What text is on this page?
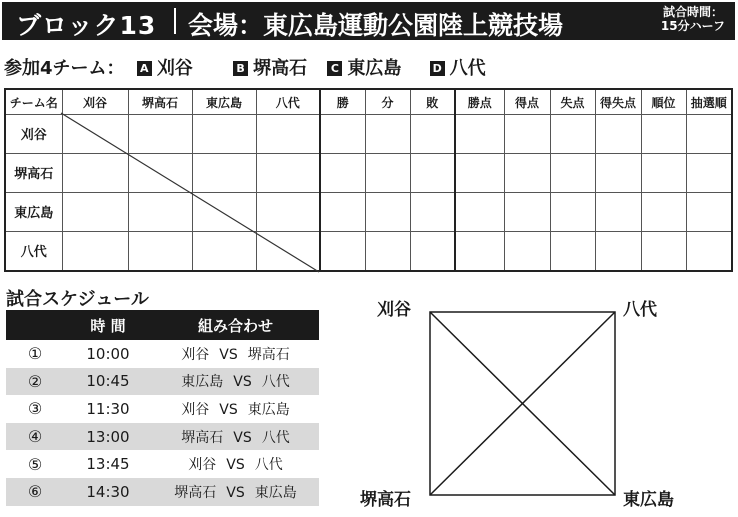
ブロック13 会場：東広島運動公園陸上競技場	試合時間：
15分ハーフ
参加4チーム： A 刈谷	B 堺高石 C 東広島	D 八代
チーム名	刈谷	堺高石	東広島	八代	勝	分	敗	勝点	得点	失点	得失点	順位	抽選順
刈谷													
堺高石													
東広島													
八代													
試合スケジュール
	時 間	組み合わせ
①	10:00	刈谷 VS 堺高石
②	10:45	東広島 VS 八代
③	11:30	刈谷 VS 東広島
④	13:00	堺高石 VS 八代
⑤	13:45	刈谷 VS 八代
⑥	14:30	堺高石 VS 東広島
刈谷	八代
堺高石	東広島
